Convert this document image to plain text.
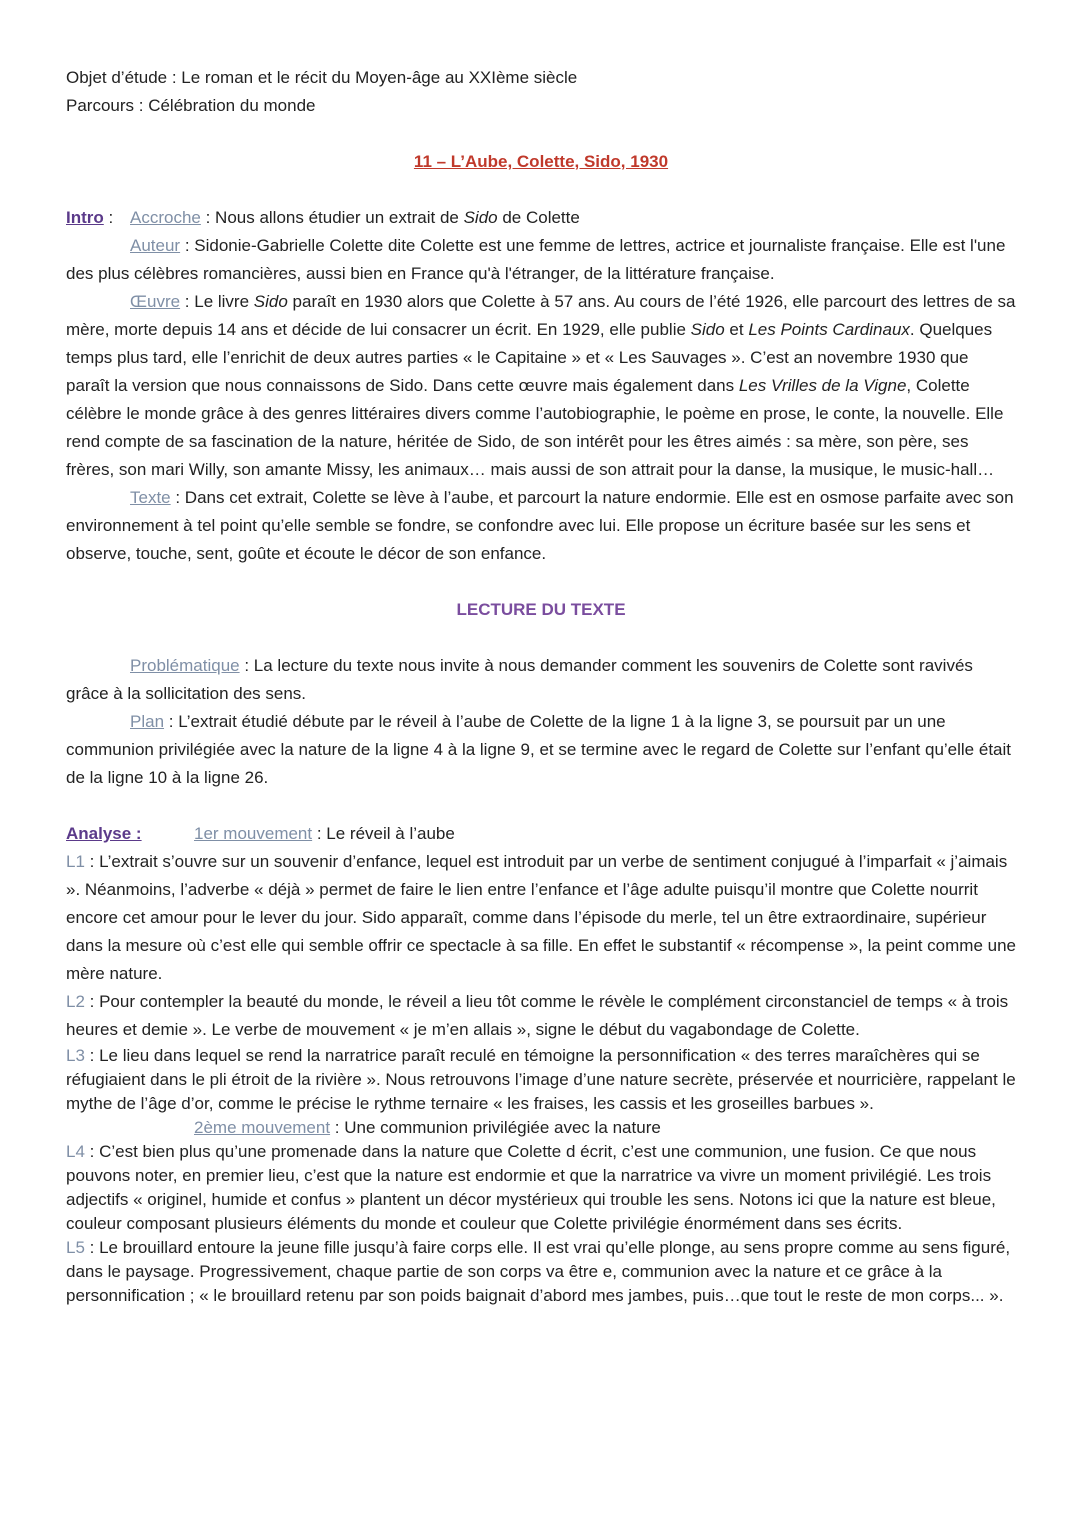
Objet d’étude : Le roman et le récit du Moyen-âge au XXIème siècle

Parcours : Célébration du monde

11 – L’Aube, Colette, Sido, 1930

Intro :Accroche : Nous allons étudier un extrait de Sido de Colette

Auteur : Sidonie-Gabrielle Colette dite Colette est une femme de lettres, actrice et journaliste française. Elle est l'une des plus célèbres romancières, aussi bien en France qu'à l'étranger, de la littérature française.

Œuvre : Le livre Sido paraît en 1930 alors que Colette à 57 ans. Au cours de l’été 1926, elle parcourt des lettres de sa mère, morte depuis 14 ans et décide de lui consacrer un écrit. En 1929, elle publie Sido et Les Points Cardinaux. Quelques temps plus tard, elle l’enrichit de deux autres parties « le Capitaine » et « Les Sauvages ». C’est an novembre 1930 que paraît la version que nous connaissons de Sido. Dans cette œuvre mais également dans Les Vrilles de la Vigne, Colette célèbre le monde grâce à des genres littéraires divers comme l’autobiographie, le poème en prose, le conte, la nouvelle. Elle rend compte de sa fascination de la nature, héritée de Sido, de son intérêt pour les êtres aimés : sa mère, son père, ses frères, son mari Willy, son amante Missy, les animaux… mais aussi de son attrait pour la danse, la musique, le music-hall…

Texte : Dans cet extrait, Colette se lève à l’aube, et parcourt la nature endormie. Elle est en osmose parfaite avec son environnement à tel point qu’elle semble se fondre, se confondre avec lui. Elle propose un écriture basée sur les sens et observe, touche, sent, goûte et écoute le décor de son enfance.

LECTURE DU TEXTE

Problématique : La lecture du texte nous invite à nous demander comment les souvenirs de Colette sont ravivés grâce à la sollicitation des sens.

Plan : L’extrait étudié débute par le réveil à l’aube de Colette de la ligne 1 à la ligne 3, se poursuit par un une communion privilégiée avec la nature de la ligne 4 à la ligne 9, et se termine avec le regard de Colette sur l’enfant qu’elle était de la ligne 10 à la ligne 26.

Analyse :	1er mouvement : Le réveil à l’aube

L1 : L’extrait s’ouvre sur un souvenir d’enfance, lequel est introduit par un verbe de sentiment conjugué à l’imparfait « j’aimais ». Néanmoins, l’adverbe « déjà » permet de faire le lien entre l’enfance et l’âge adulte puisqu’il montre que Colette nourrit encore cet amour pour le lever du jour. Sido apparaît, comme dans l’épisode du merle, tel un être extraordinaire, supérieur dans la mesure où c’est elle qui semble offrir ce spectacle à sa fille. En effet le substantif « récompense », la peint comme une mère nature.

L2 : Pour contempler la beauté du monde, le réveil a lieu tôt comme le révèle le complément circonstanciel de temps « à trois heures et demie ». Le verbe de mouvement « je m’en allais », signe le début du vagabondage de Colette.

L3 : Le lieu dans lequel se rend la narratrice paraît reculé en témoigne la personnification « des terres maraîchères qui se réfugiaient dans le pli étroit de la rivière ». Nous retrouvons l’image d’une nature secrète, préservée et nourricière, rappelant le mythe de l’âge d’or, comme le précise le rythme ternaire « les fraises, les cassis et les groseilles barbues ».

2ème mouvement : Une communion privilégiée avec la nature

L4 : C’est bien plus qu’une promenade dans la nature que Colette d écrit, c’est une communion, une fusion. Ce que nous pouvons noter, en premier lieu, c’est que la nature est endormie et que la narratrice va vivre un moment privilégié. Les trois adjectifs « originel, humide et confus » plantent un décor mystérieux qui trouble les sens. Notons ici que la nature est bleue, couleur composant plusieurs éléments du monde et couleur que Colette privilégie énormément dans ses écrits.

L5 : Le brouillard entoure la jeune fille jusqu’à faire corps elle. Il est vrai qu’elle plonge, au sens propre comme au sens figuré, dans le paysage. Progressivement, chaque partie de son corps va être e, communion avec la nature et ce grâce à la personnification ; « le brouillard retenu par son poids baignait d’abord mes jambes, puis…que tout le reste de mon corps... ».
